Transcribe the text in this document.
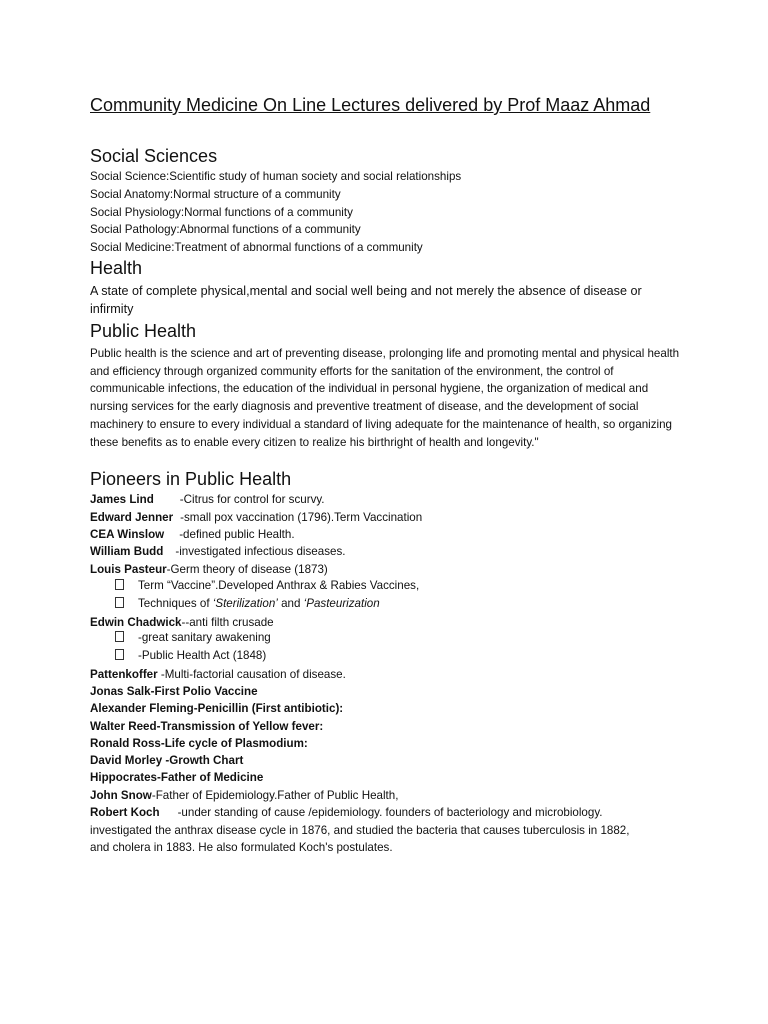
Community Medicine On Line Lectures delivered by Prof Maaz Ahmad
Social Sciences
Social Science:Scientific study of human society and social relationships
Social Anatomy:Normal structure of a community
Social Physiology:Normal functions of a community
Social Pathology:Abnormal functions of a community
Social Medicine:Treatment of abnormal functions of a community
Health
A state of complete physical,mental and social well being and not merely the absence of disease or infirmity
Public Health
Public health is the science and art of preventing disease, prolonging life and promoting mental and physical health and efficiency through organized community efforts for the sanitation of the environment, the control of communicable infections, the education of the individual in personal hygiene, the organization of medical and nursing services for the early diagnosis and preventive treatment of disease, and the development of social machinery to ensure to every individual a standard of living adequate for the maintenance of health, so organizing these benefits as to enable every citizen to realize his birthright of health and longevity."
Pioneers in Public Health
James Lind -Citrus for control for scurvy.
Edward Jenner -small pox vaccination (1796).Term Vaccination
CEA Winslow -defined public Health.
William Budd -investigated infectious diseases.
Louis Pasteur-Germ theory of disease (1873)
Term “Vaccine”.Developed Anthrax & Rabies Vaccines,
Techniques of ‘Sterilization’ and ‘Pasteurization
Edwin Chadwick--anti filth crusade
-great sanitary awakening
-Public Health Act (1848)
Pattenkoffer -Multi-factorial causation of disease.
Jonas Salk-First Polio Vaccine
Alexander Fleming-Penicillin (First antibiotic):
Walter Reed-Transmission of Yellow fever:
Ronald Ross-Life cycle of Plasmodium:
David Morley -Growth Chart
Hippocrates-Father of Medicine
John Snow-Father of Epidemiology.Father of Public Health,
Robert Koch -under standing of cause /epidemiology. founders of bacteriology and microbiology.
investigated the anthrax disease cycle in 1876, and studied the bacteria that causes tuberculosis in 1882,
and cholera in 1883. He also formulated Koch's postulates.
